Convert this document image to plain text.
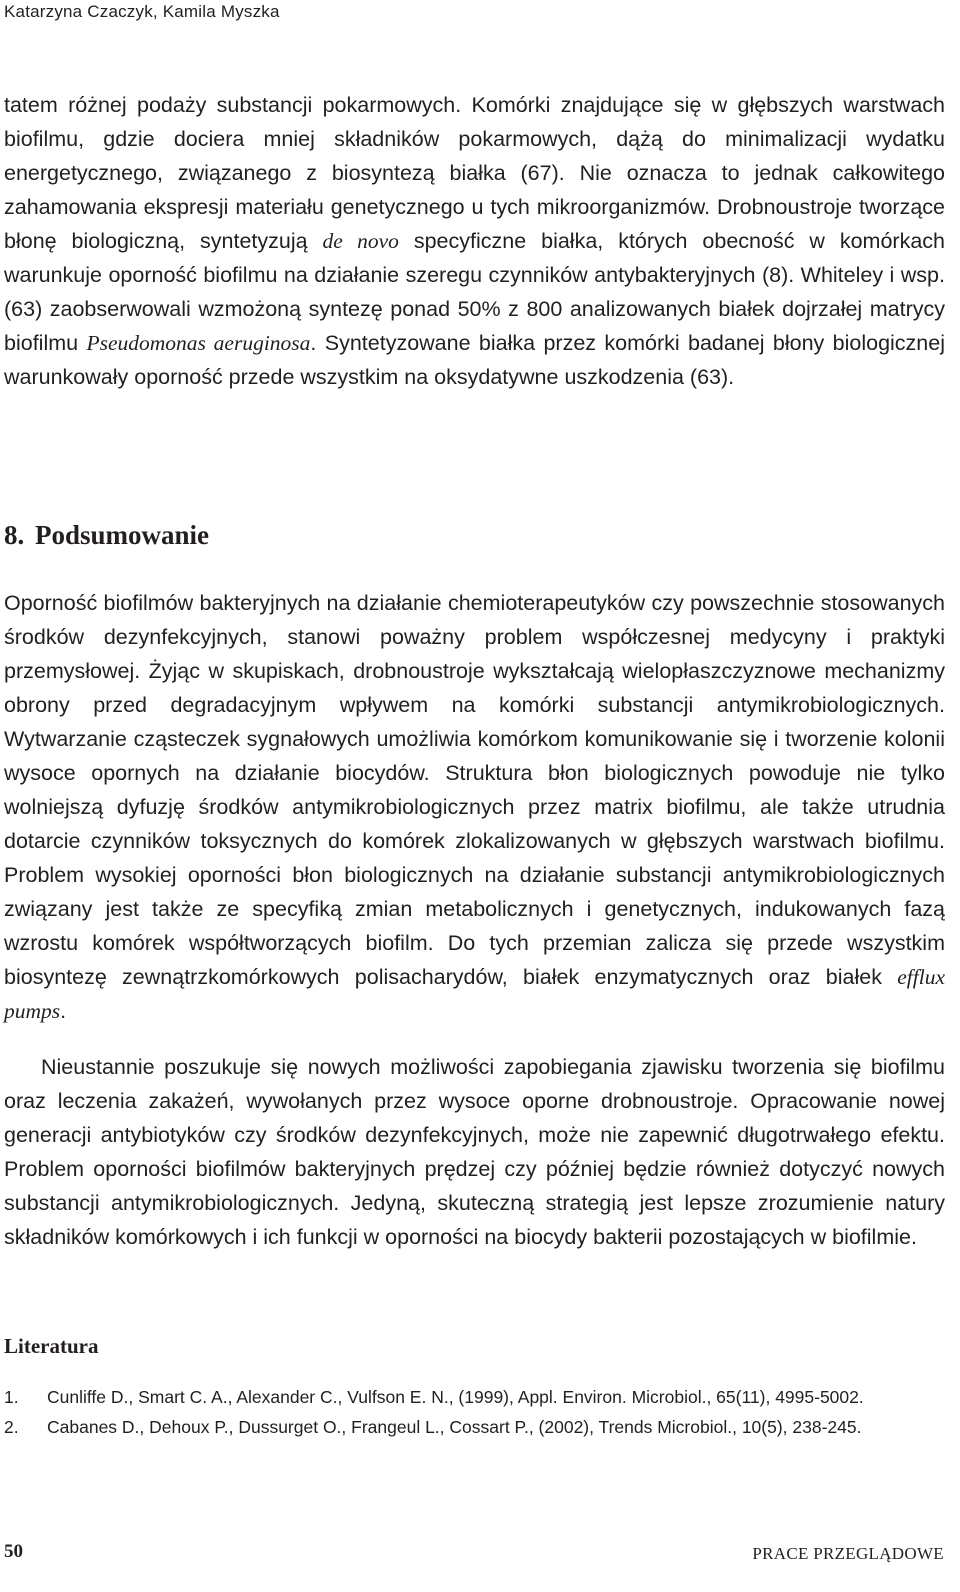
Katarzyna Czaczyk, Kamila Myszka

tatem różnej podaży substancji pokarmowych. Komórki znajdujące się w głębszych warstwach biofilmu, gdzie dociera mniej składników pokarmowych, dążą do minimalizacji wydatku energetycznego, związanego z biosyntezą białka (67). Nie oznacza to jednak całkowitego zahamowania ekspresji materiału genetycznego u tych mikroorganizmów. Drobnoustroje tworzące błonę biologiczną, syntetyzują de novo specyficzne białka, których obecność w komórkach warunkuje oporność biofilmu na działanie szeregu czynników antybakteryjnych (8). Whiteley i wsp. (63) zaobserwowali wzmożoną syntezę ponad 50% z 800 analizowanych białek dojrzałej matrycy biofilmu Pseudomonas aeruginosa. Syntetyzowane białka przez komórki badanej błony biologicznej warunkowały oporność przede wszystkim na oksydatywne uszkodzenia (63).

8. Podsumowanie

Oporność biofilmów bakteryjnych na działanie chemioterapeutyków czy powszechnie stosowanych środków dezynfekcyjnych, stanowi poważny problem współczesnej medycyny i praktyki przemysłowej. Żyjąc w skupiskach, drobnoustroje wykształcają wielopłaszczyznowe mechanizmy obrony przed degradacyjnym wpływem na komórki substancji antymikrobiologicznych. Wytwarzanie cząsteczek sygnałowych umożliwia komórkom komunikowanie się i tworzenie kolonii wysoce opornych na działanie biocydów. Struktura błon biologicznych powoduje nie tylko wolniejszą dyfuzję środków antymikrobiologicznych przez matrix biofilmu, ale także utrudnia dotarcie czynników toksycznych do komórek zlokalizowanych w głębszych warstwach biofilmu. Problem wysokiej oporności błon biologicznych na działanie substancji antymikrobiologicznych związany jest także ze specyfiką zmian metabolicznych i genetycznych, indukowanych fazą wzrostu komórek współtworzących biofilm. Do tych przemian zalicza się przede wszystkim biosyntezę zewnątrzkomórkowych polisacharydów, białek enzymatycznych oraz białek efflux pumps.

Nieustannie poszukuje się nowych możliwości zapobiegania zjawisku tworzenia się biofilmu oraz leczenia zakażeń, wywołanych przez wysoce oporne drobnoustroje. Opracowanie nowej generacji antybiotyków czy środków dezynfekcyjnych, może nie zapewnić długotrwałego efektu. Problem oporności biofilmów bakteryjnych prędzej czy później będzie również dotyczyć nowych substancji antymikrobiologicznych. Jedyną, skuteczną strategią jest lepsze zrozumienie natury składników komórkowych i ich funkcji w oporności na biocydy bakterii pozostających w biofilmie.

Literatura
1. Cunliffe D., Smart C. A., Alexander C., Vulfson E. N., (1999), Appl. Environ. Microbiol., 65(11), 4995-5002.
2. Cabanes D., Dehoux P., Dussurget O., Frangeul L., Cossart P., (2002), Trends Microbiol., 10(5), 238-245.
50	PRACE PRZEGLĄDOWE
